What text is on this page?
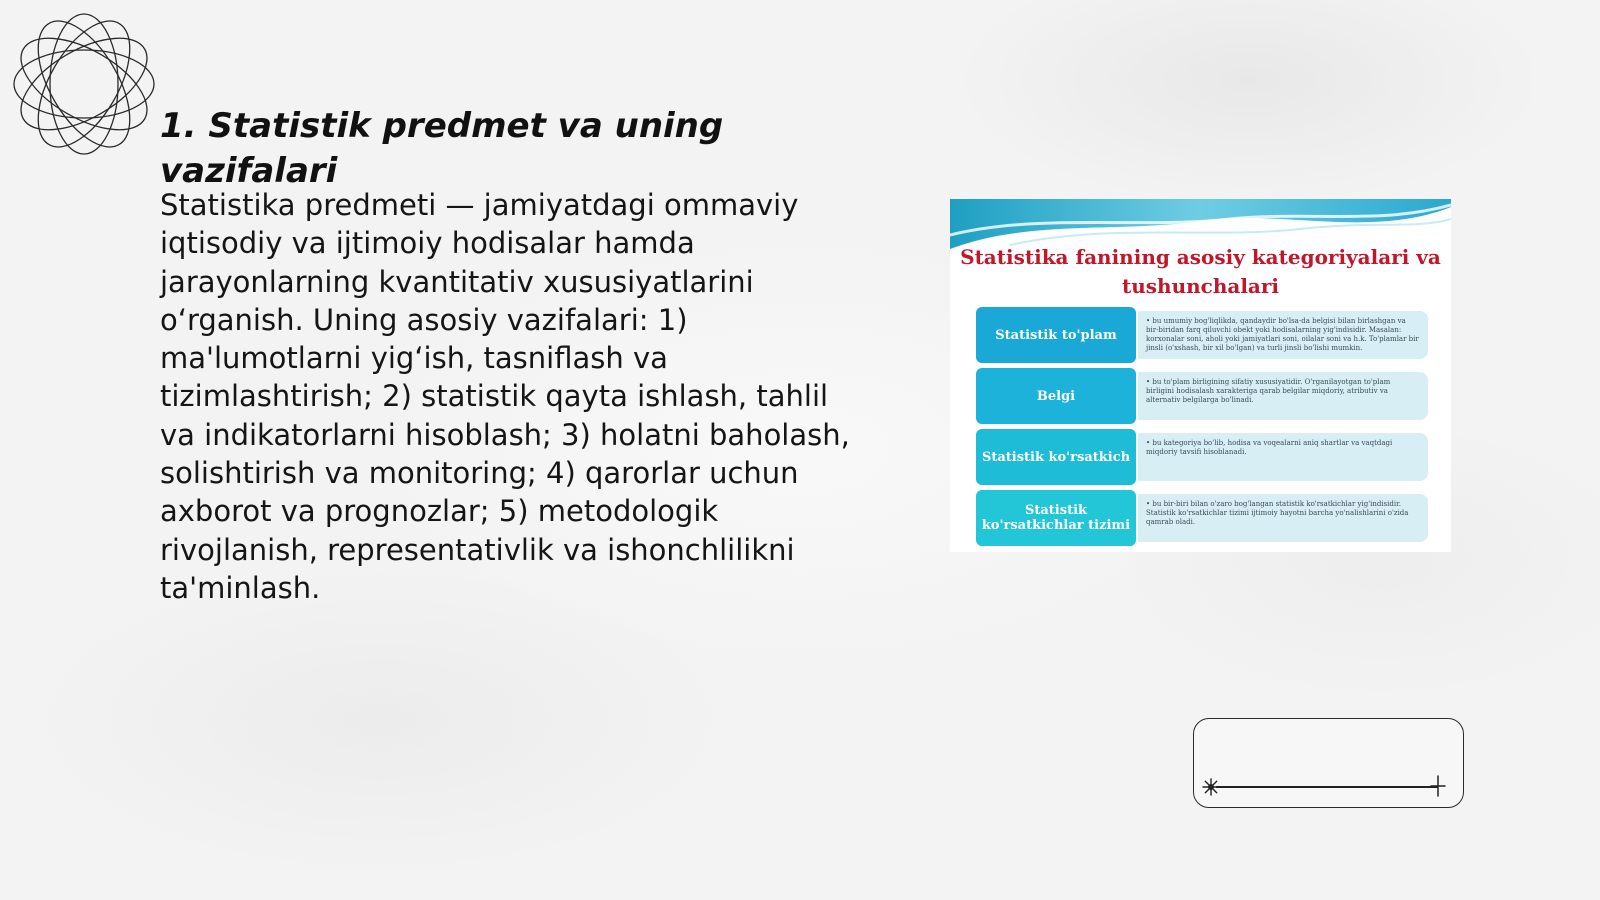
1. Statistik predmet va uning vazifalari

Statistika predmeti — jamiyatdagi ommaviy iqtisodiy va ijtimoiy hodisalar hamda jarayonlarning kvantitativ xususiyatlarini o‘rganish. Uning asosiy vazifalari: 1) ma'lumotlarni yig‘ish, tasniflash va tizimlashtirish; 2) statistik qayta ishlash, tahlil va indikatorlarni hisoblash; 3) holatni baholash, solishtirish va monitoring; 4) qarorlar uchun axborot va prognozlar; 5) metodologik rivojlanish, representativlik va ishonchlilikni ta'minlash.

Statistika fanining asosiy kategoriyalari va tushunchalari
Statistik to'plam
• bu umumiy bog'liqlikda, qandaydir bo'lsa-da belgisi bilan birlashgan va bir-biridan farq qiluvchi obekt yoki hodisalarning yig'indisidir. Masalan: korxonalar soni, aholi yoki jamiyatlari soni, oilalar soni va h.k. To'plamlar bir jinsli (o'xshash, bir xil bo'lgan) va turli jinsli bo'lishi mumkin.
Belgi
• bu to'plam birligining sifatiy xususiyatidir. O'rganilayotgan to'plam birligini hodisalash xarakteriga qarab belgilar miqdoriy, atributiv va alternativ belgilarga bo'linadi.
Statistik ko'rsatkich
• bu kategoriya bo'lib, hodisa va voqealarni aniq shartlar va vaqtdagi miqdoriy tavsifi hisoblanadi.
Statistik ko'rsatkichlar tizimi
• bu bir-biri bilan o'zaro bog'langan statistik ko'rsatkichlar yig'indisidir. Statistik ko'rsatkichlar tizimi ijtimoiy hayotni barcha yo'nalishlarini o'zida qamrab oladi.
